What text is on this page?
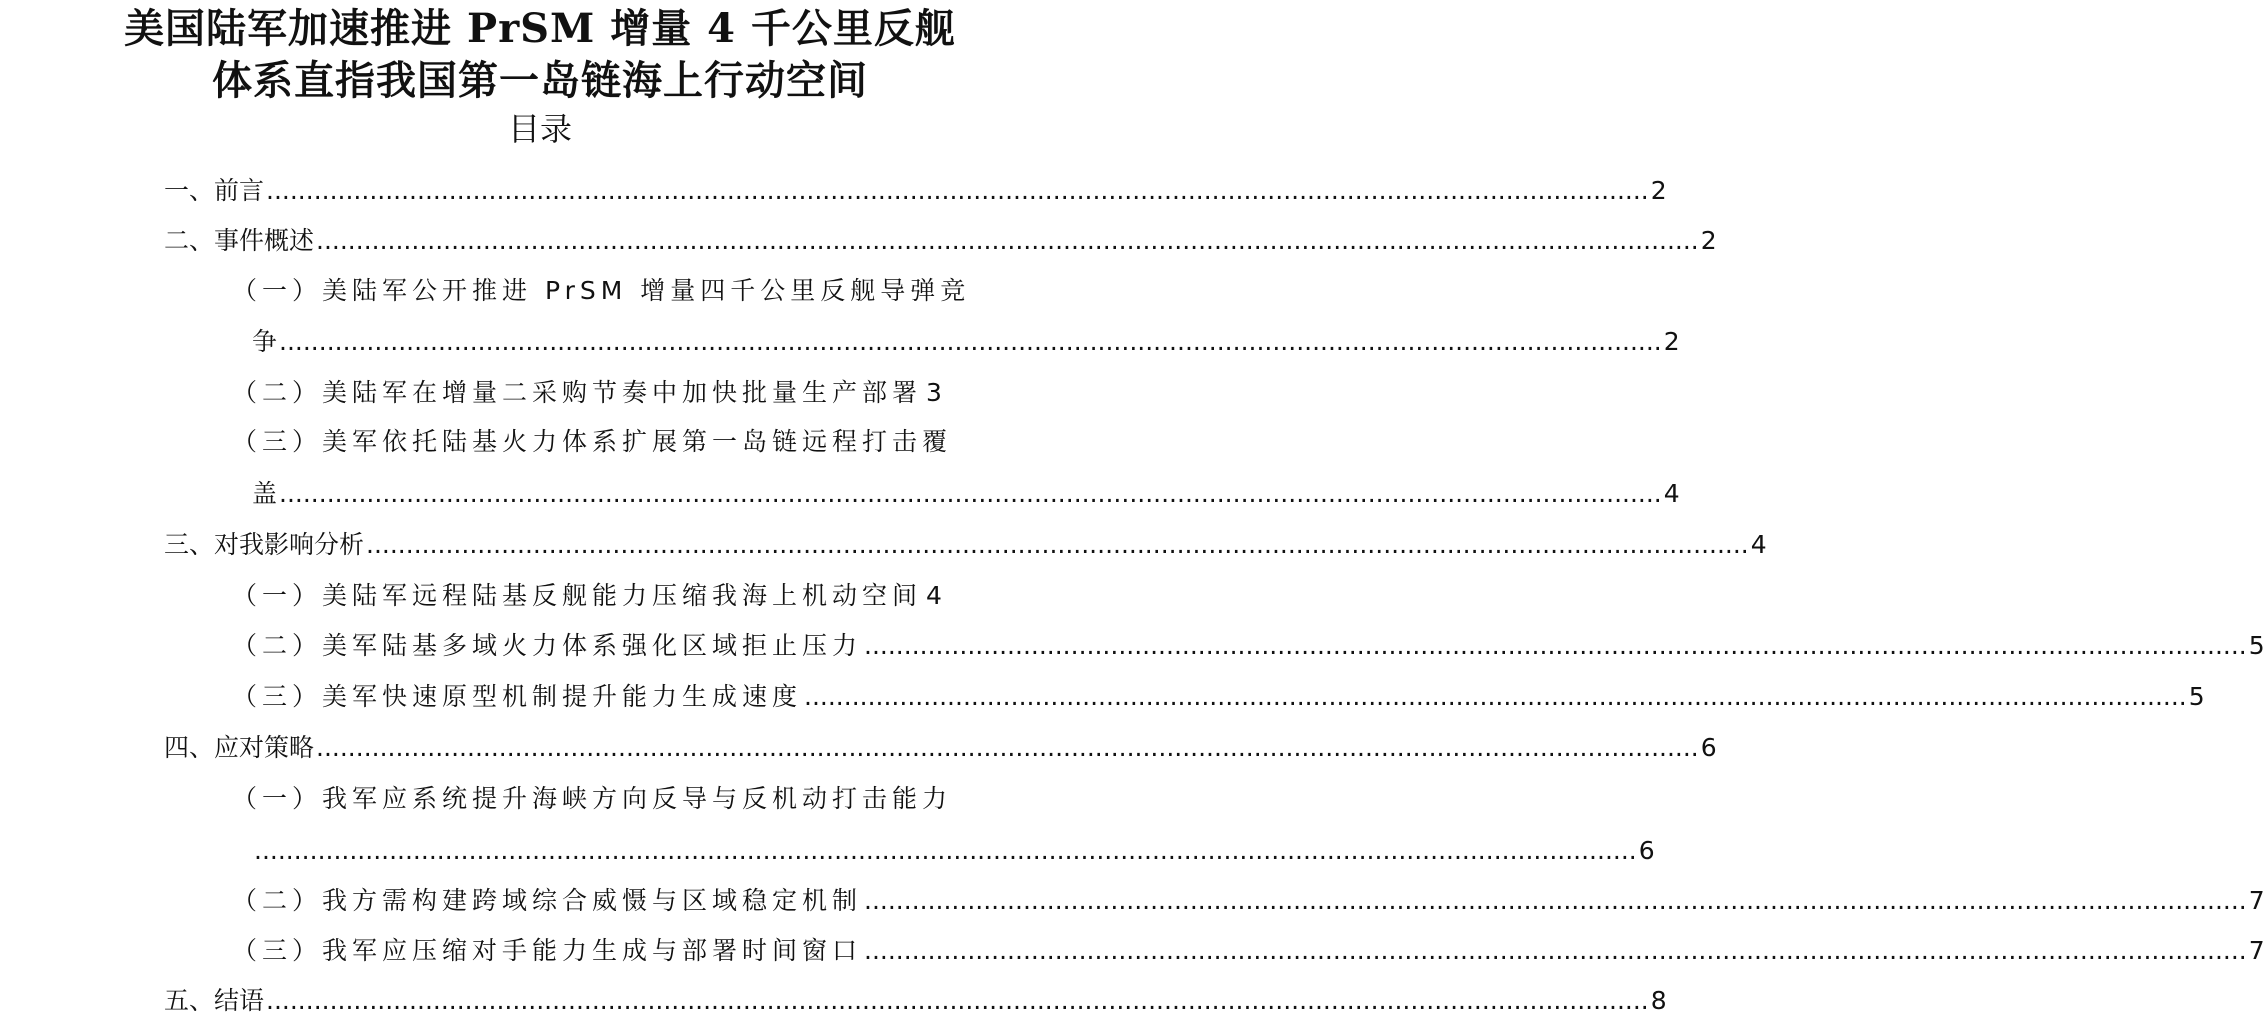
美国陆军加速推进 PrSM 增量 4 千公里反舰
体系直指我国第一岛链海上行动空间
目录
一、前言 .............................................................................................................................................................................. 2
二、事件概述 .............................................................................................................................................................................. 2
（一）美陆军公开推进 PrSM 增量四千公里反舰导弹竞
争 .............................................................................................................................................................................. 2
（二）美陆军在增量二采购节奏中加快批量生产部署 3
（三）美军依托陆基火力体系扩展第一岛链远程打击覆
盖 .............................................................................................................................................................................. 4
三、对我影响分析 .............................................................................................................................................................................. 4
（一）美陆军远程陆基反舰能力压缩我海上机动空间 4
（二）美军陆基多域火力体系强化区域拒止压力 .............................................................................................................................................................................. 5
（三）美军快速原型机制提升能力生成速度 .............................................................................................................................................................................. 5
四、应对策略 .............................................................................................................................................................................. 6
（一）我军应系统提升海峡方向反导与反机动打击能力
.............................................................................................................................................................................. 6
（二）我方需构建跨域综合威慑与区域稳定机制 .............................................................................................................................................................................. 7
（三）我军应压缩对手能力生成与部署时间窗口 .............................................................................................................................................................................. 7
五、结语 .............................................................................................................................................................................. 8
